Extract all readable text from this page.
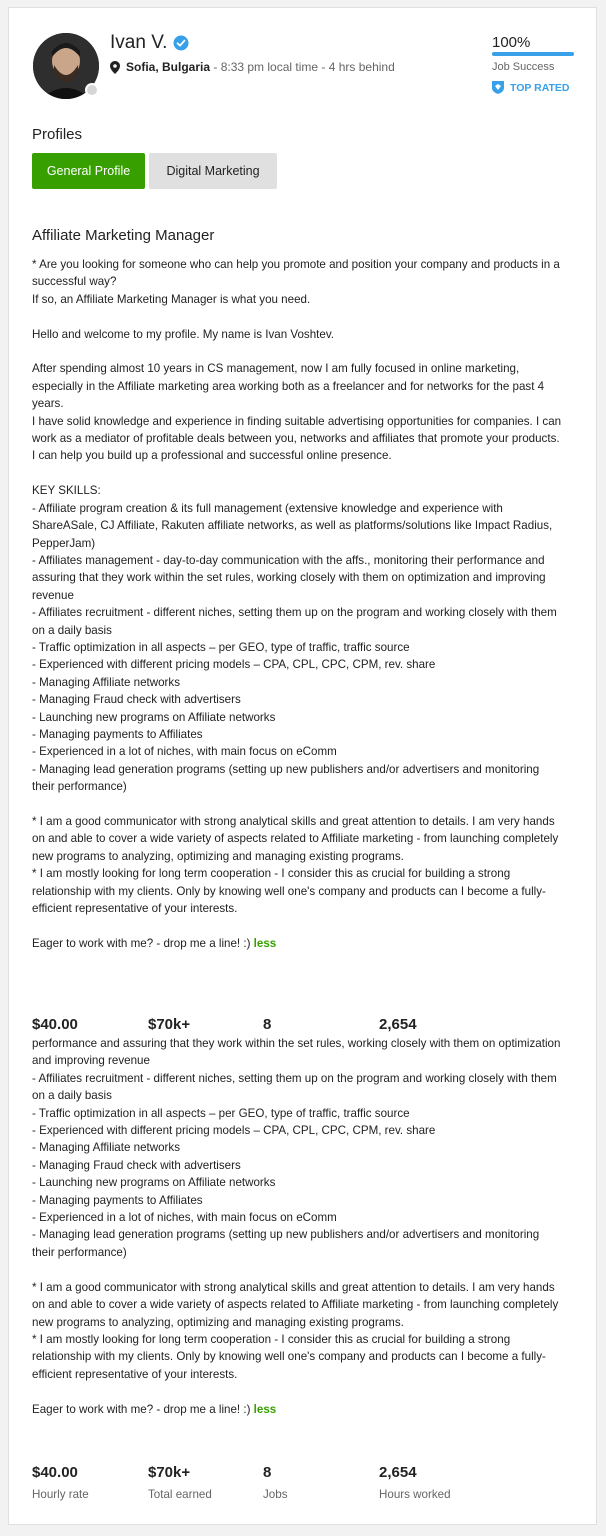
Ivan V.
Sofia, Bulgaria - 8:33 pm local time - 4 hrs behind
100%
Job Success
TOP RATED
Profiles
General Profile	Digital Marketing
Affiliate Marketing Manager
* Are you looking for someone who can help you promote and position your company and products in a successful way?
If so, an Affiliate Marketing Manager is what you need.

Hello and welcome to my profile. My name is Ivan Voshtev.

After spending almost 10 years in CS management, now I am fully focused in online marketing, especially in the Affiliate marketing area working both as a freelancer and for networks for the past 4 years.
I have solid knowledge and experience in finding suitable advertising opportunities for companies. I can work as a mediator of profitable deals between you, networks and affiliates that promote your products.
I can help you build up a professional and successful online presence.

KEY SKILLS:
- Affiliate program creation & its full management (extensive knowledge and experience with ShareASale, CJ Affiliate, Rakuten affiliate networks, as well as platforms/solutions like Impact Radius, PepperJam)
- Affiliates management - day-to-day communication with the affs., monitoring their performance and assuring that they work within the set rules, working closely with them on optimization and improving revenue
- Affiliates recruitment - different niches, setting them up on the program and working closely with them on a daily basis
- Traffic optimization in all aspects – per GEO, type of traffic, traffic source
- Experienced with different pricing models – CPA, CPL, CPC, CPM, rev. share
- Managing Affiliate networks
- Managing Fraud check with advertisers
- Launching new programs on Affiliate networks
- Managing payments to Affiliates
- Experienced in a lot of niches, with main focus on eComm
- Managing lead generation programs (setting up new publishers and/or advertisers and monitoring their performance)

* I am a good communicator with strong analytical skills and great attention to details. I am very hands on and able to cover a wide variety of aspects related to Affiliate marketing - from launching completely new programs to analyzing, optimizing and managing existing programs.
* I am mostly looking for long term cooperation - I consider this as crucial for building a strong relationship with my clients. Only by knowing well one's company and products can I become a fully-efficient representative of your interests.

Eager to work with me? - drop me a line! :) less
$40.00	$70k+	8	2,654
performance and assuring that they work within the set rules, working closely with them on optimization and improving revenue
- Affiliates recruitment - different niches, setting them up on the program and working closely with them on a daily basis
- Traffic optimization in all aspects – per GEO, type of traffic, traffic source
- Experienced with different pricing models – CPA, CPL, CPC, CPM, rev. share
- Managing Affiliate networks
- Managing Fraud check with advertisers
- Launching new programs on Affiliate networks
- Managing payments to Affiliates
- Experienced in a lot of niches, with main focus on eComm
- Managing lead generation programs (setting up new publishers and/or advertisers and monitoring their performance)

* I am a good communicator with strong analytical skills and great attention to details. I am very hands on and able to cover a wide variety of aspects related to Affiliate marketing - from launching completely new programs to analyzing, optimizing and managing existing programs.
* I am mostly looking for long term cooperation - I consider this as crucial for building a strong relationship with my clients. Only by knowing well one's company and products can I become a fully-efficient representative of your interests.

Eager to work with me? - drop me a line! :) less
$40.00	$70k+	8	2,654
Hourly rate	Total earned	Jobs	Hours worked
